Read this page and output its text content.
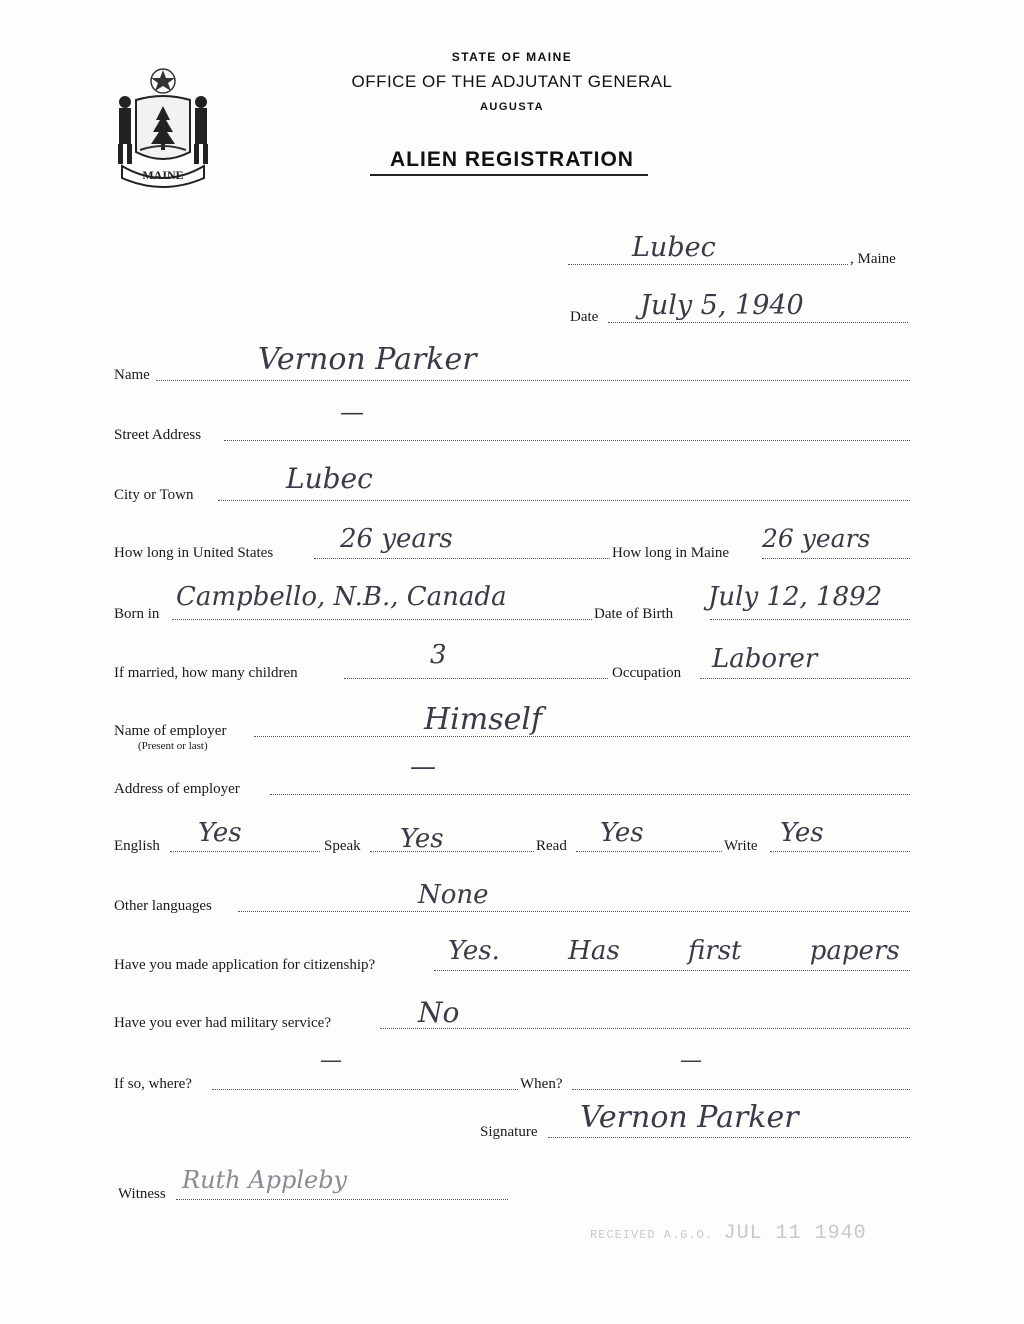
MAINE
STATE OF MAINE
OFFICE OF THE ADJUTANT GENERAL
AUGUSTA
ALIEN REGISTRATION
Lubec	, Maine
Date July 5, 1940
Name	Vernon Parker
Street Address
—
City or Town	Lubec
How long in United States	26 years	How long in Maine 26 years
Born in
Campbello, N.B., Canada
Date of Birth
July 12, 1892
If married, how many children
3
Occupation Laborer
Name of employer
(Present or last)
Himself
Address of employer
—
English Yes	Speak Yes	Read Yes	Write Yes
Other languages	None
Have you made application for citizenship?	Yes. Has first papers
Have you ever had military service?	No
If so, where?
—
When?
—
Signature Vernon Parker
Witness Ruth Appleby
RECEIVED A.G.O. JUL 11 1940
